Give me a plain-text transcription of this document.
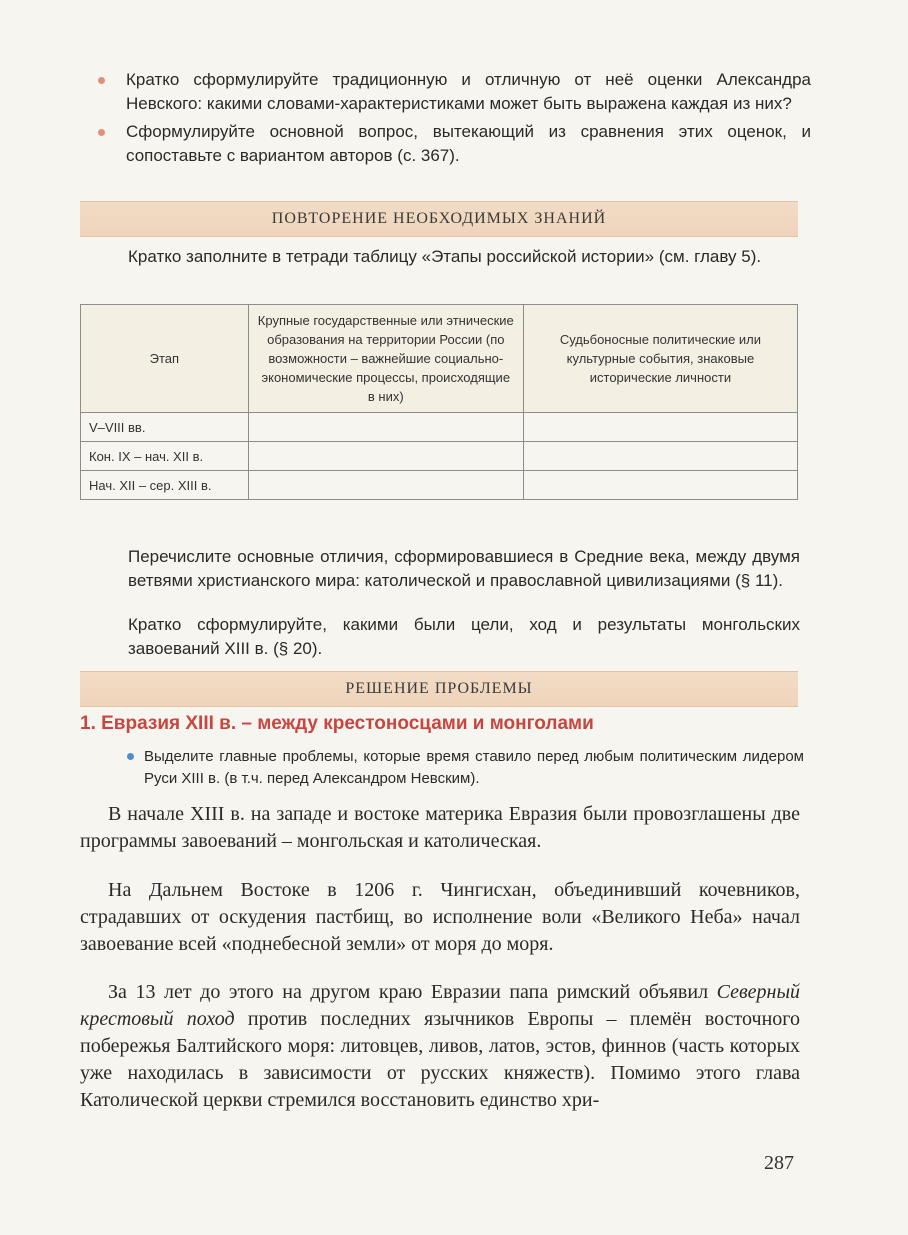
Кратко сформулируйте традиционную и отличную от неё оценки Александра Невского: какими словами-характеристиками может быть выражена каждая из них?
Сформулируйте основной вопрос, вытекающий из сравнения этих оценок, и сопоставьте с вариантом авторов (с. 367).
ПОВТОРЕНИЕ НЕОБХОДИМЫХ ЗНАНИЙ

Кратко заполните в тетради таблицу «Этапы российской истории» (см. главу 5).

Этап	Крупные государственные или этнические образования на территории России (по возможности – важнейшие социально-экономические процессы, происходящие в них)	Судьбоносные политические или культурные события, знаковые исторические личности
V–VIII вв.		
Кон. IX – нач. XII в.		
Нач. XII – сер. XIII в.		

Перечислите основные отличия, сформировавшиеся в Средние века, между двумя ветвями христианского мира: католической и православной цивилизациями (§ 11).

Кратко сформулируйте, какими были цели, ход и результаты монгольских завоеваний XIII в. (§ 20).

РЕШЕНИЕ ПРОБЛЕМЫ
1. Евразия XIII в. – между крестоносцами и монголами
Выделите главные проблемы, которые время ставило перед любым политическим лидером Руси XIII в. (в т.ч. перед Александром Невским).

В начале XIII в. на западе и востоке материка Евразия были провозглашены две программы завоеваний – монгольская и католическая.

На Дальнем Востоке в 1206 г. Чингисхан, объединивший кочевников, страдавших от оскудения пастбищ, во исполнение воли «Великого Неба» начал завоевание всей «поднебесной земли» от моря до моря.

За 13 лет до этого на другом краю Евразии папа римский объявил Северный крестовый поход против последних язычников Европы – племён восточного побережья Балтийского моря: литовцев, ливов, латов, эстов, финнов (часть которых уже находилась в зависимости от русских княжеств). Помимо этого глава Католической церкви стремился восстановить единство хри-

287
